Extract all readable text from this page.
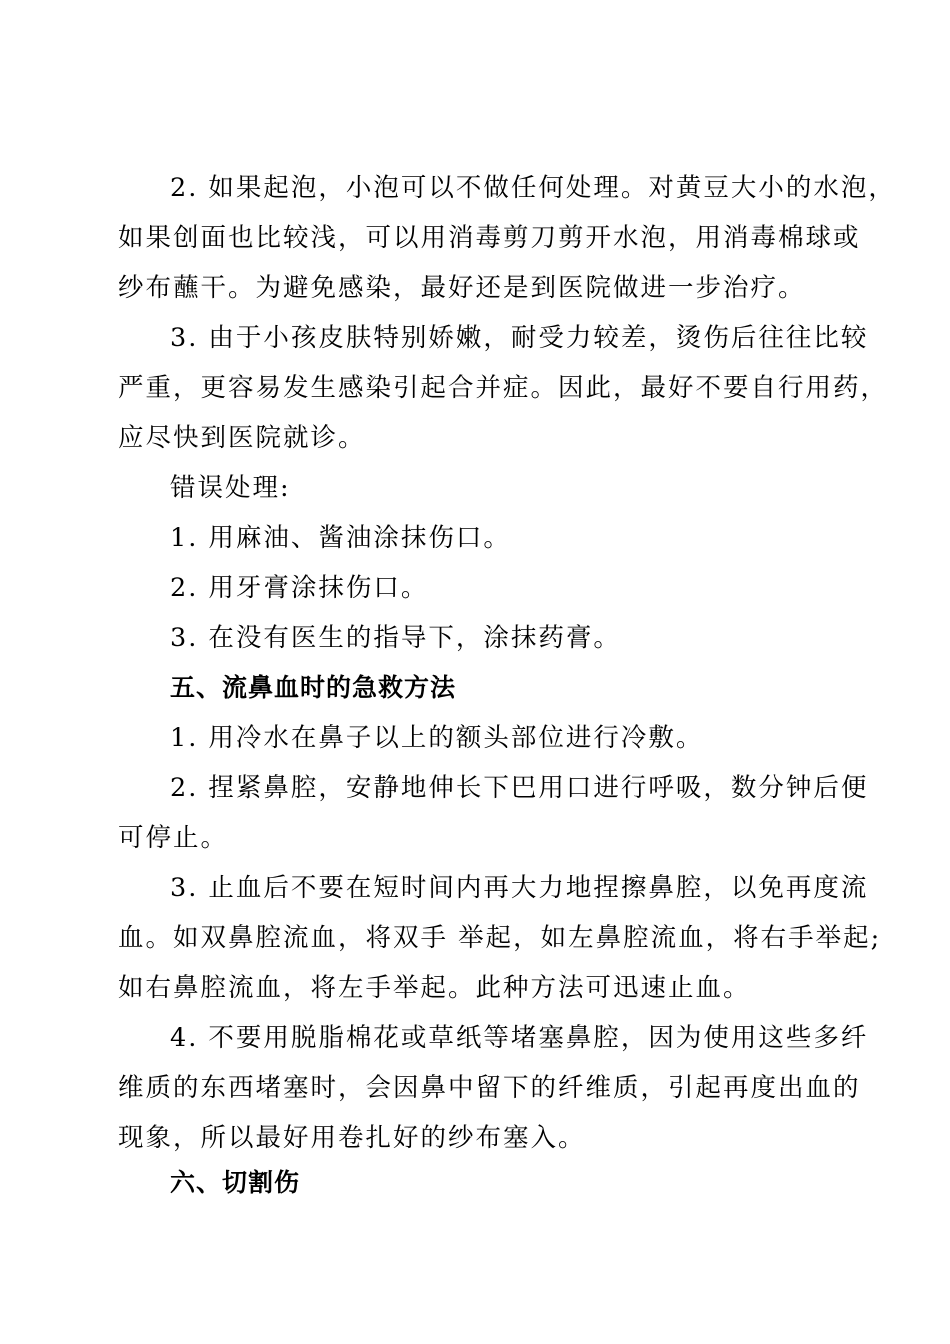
2. 如果起泡，小泡可以不做任何处理。对黄豆大小的水泡，
如果创面也比较浅，可以用消毒剪刀剪开水泡，用消毒棉球或
纱布蘸干。为避免感染，最好还是到医院做进一步治疗。
3. 由于小孩皮肤特别娇嫩，耐受力较差，烫伤后往往比较
严重，更容易发生感染引起合并症。因此，最好不要自行用药，
应尽快到医院就诊。
错误处理:
1. 用麻油、酱油涂抹伤口。
2. 用牙膏涂抹伤口。
3. 在没有医生的指导下，涂抹药膏。
五、流鼻血时的急救方法
1. 用冷水在鼻子以上的额头部位进行冷敷。
2. 捏紧鼻腔，安静地伸长下巴用口进行呼吸，数分钟后便
可停止。
3. 止血后不要在短时间内再大力地捏擦鼻腔，以免再度流
血。如双鼻腔流血，将双手 举起，如左鼻腔流血，将右手举起;
如右鼻腔流血，将左手举起。此种方法可迅速止血。
4. 不要用脱脂棉花或草纸等堵塞鼻腔，因为使用这些多纤
维质的东西堵塞时，会因鼻中留下的纤维质，引起再度出血的
现象，所以最好用卷扎好的纱布塞入。
六、切割伤
